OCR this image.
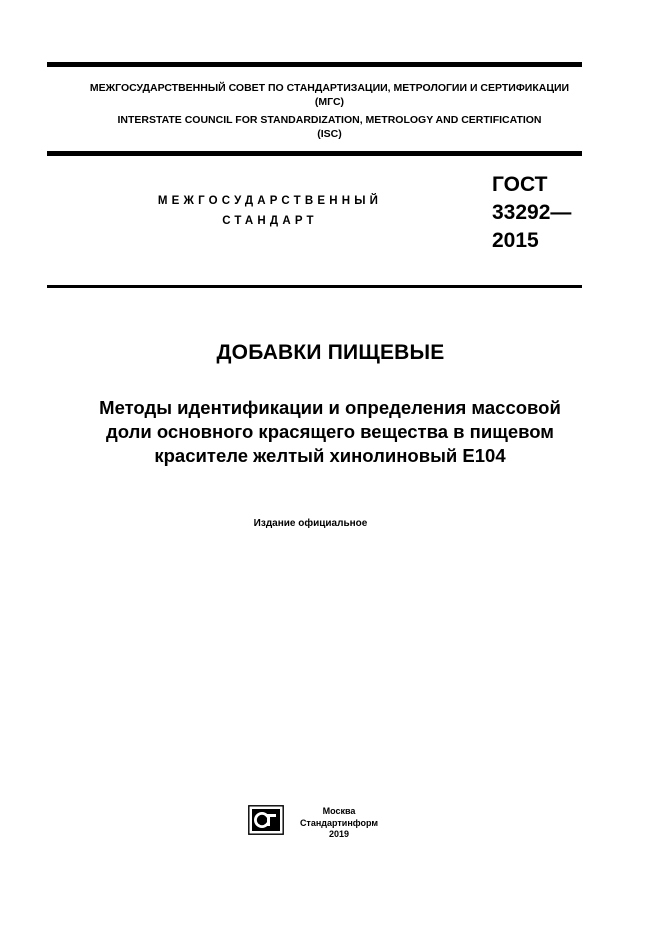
МЕЖГОСУДАРСТВЕННЫЙ СОВЕТ ПО СТАНДАРТИЗАЦИИ, МЕТРОЛОГИИ И СЕРТИФИКАЦИИ
(МГС)
INTERSTATE COUNCIL FOR STANDARDIZATION, METROLOGY AND CERTIFICATION
(ISC)
МЕЖГОСУДАРСТВЕННЫЙ
СТАНДАРТ
ГОСТ
33292—
2015
ДОБАВКИ ПИЩЕВЫЕ
Методы идентификации и определения массовой
доли основного красящего вещества в пищевом
красителе желтый хинолиновый Е104
Издание официальное
Москва
Стандартинформ
2019
